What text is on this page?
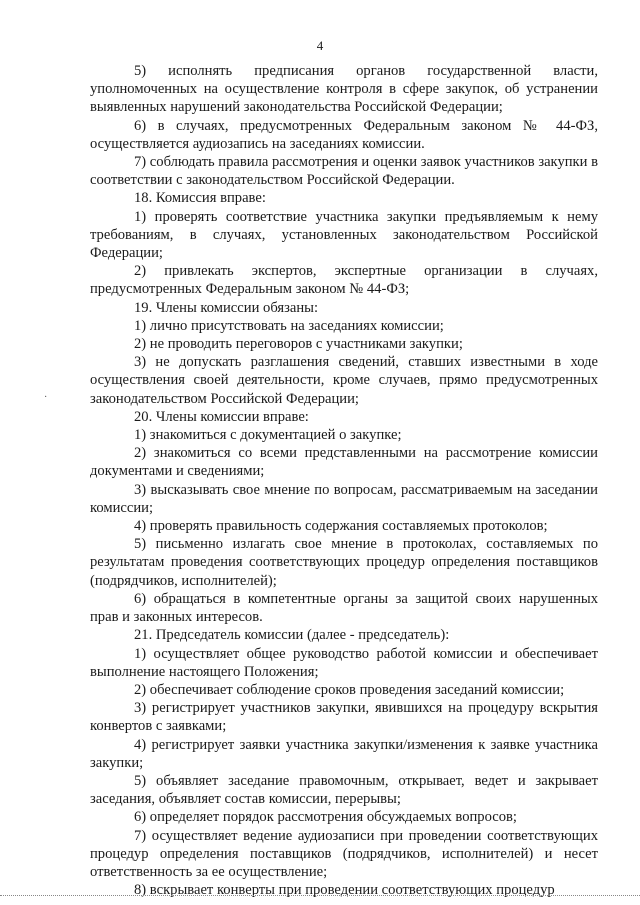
4
·

5) исполнять предписания органов государственной власти, уполномоченных на осуществление контроля в сфере закупок, об устранении выявленных нарушений законодательства Российской Федерации;

6) в случаях, предусмотренных Федеральным законом № 44-ФЗ, осуществляется аудиозапись на заседаниях комиссии.

7) соблюдать правила рассмотрения и оценки заявок участников закупки в соответствии с законодательством Российской Федерации.

18. Комиссия вправе:

1) проверять соответствие участника закупки предъявляемым к нему требованиям, в случаях, установленных законодательством Российской Федерации;

2) привлекать экспертов, экспертные организации в случаях, предусмотренных Федеральным законом № 44-ФЗ;

19. Члены комиссии обязаны:

1) лично присутствовать на заседаниях комиссии;

2) не проводить переговоров с участниками закупки;

3) не допускать разглашения сведений, ставших известными в ходе осуществления своей деятельности, кроме случаев, прямо предусмотренных законодательством Российской Федерации;

20. Члены комиссии вправе:

1) знакомиться с документацией о закупке;

2) знакомиться со всеми представленными на рассмотрение комиссии документами и сведениями;

3) высказывать свое мнение по вопросам, рассматриваемым на заседании комиссии;

4) проверять правильность содержания составляемых протоколов;

5) письменно излагать свое мнение в протоколах, составляемых по результатам проведения соответствующих процедур определения поставщиков (подрядчиков, исполнителей);

6) обращаться в компетентные органы за защитой своих нарушенных прав и законных интересов.

21. Председатель комиссии (далее - председатель):

1) осуществляет общее руководство работой комиссии и обеспечивает выполнение настоящего Положения;

2) обеспечивает соблюдение сроков проведения заседаний комиссии;

3) регистрирует участников закупки, явившихся на процедуру вскрытия конвертов с заявками;

4) регистрирует заявки участника закупки/изменения к заявке участника закупки;

5) объявляет заседание правомочным, открывает, ведет и закрывает заседания, объявляет состав комиссии, перерывы;

6) определяет порядок рассмотрения обсуждаемых вопросов;

7) осуществляет ведение аудиозаписи при проведении соответствующих процедур определения поставщиков (подрядчиков, исполнителей) и несет ответственность за ее осуществление;

8) вскрывает конверты при проведении соответствующих процедур
